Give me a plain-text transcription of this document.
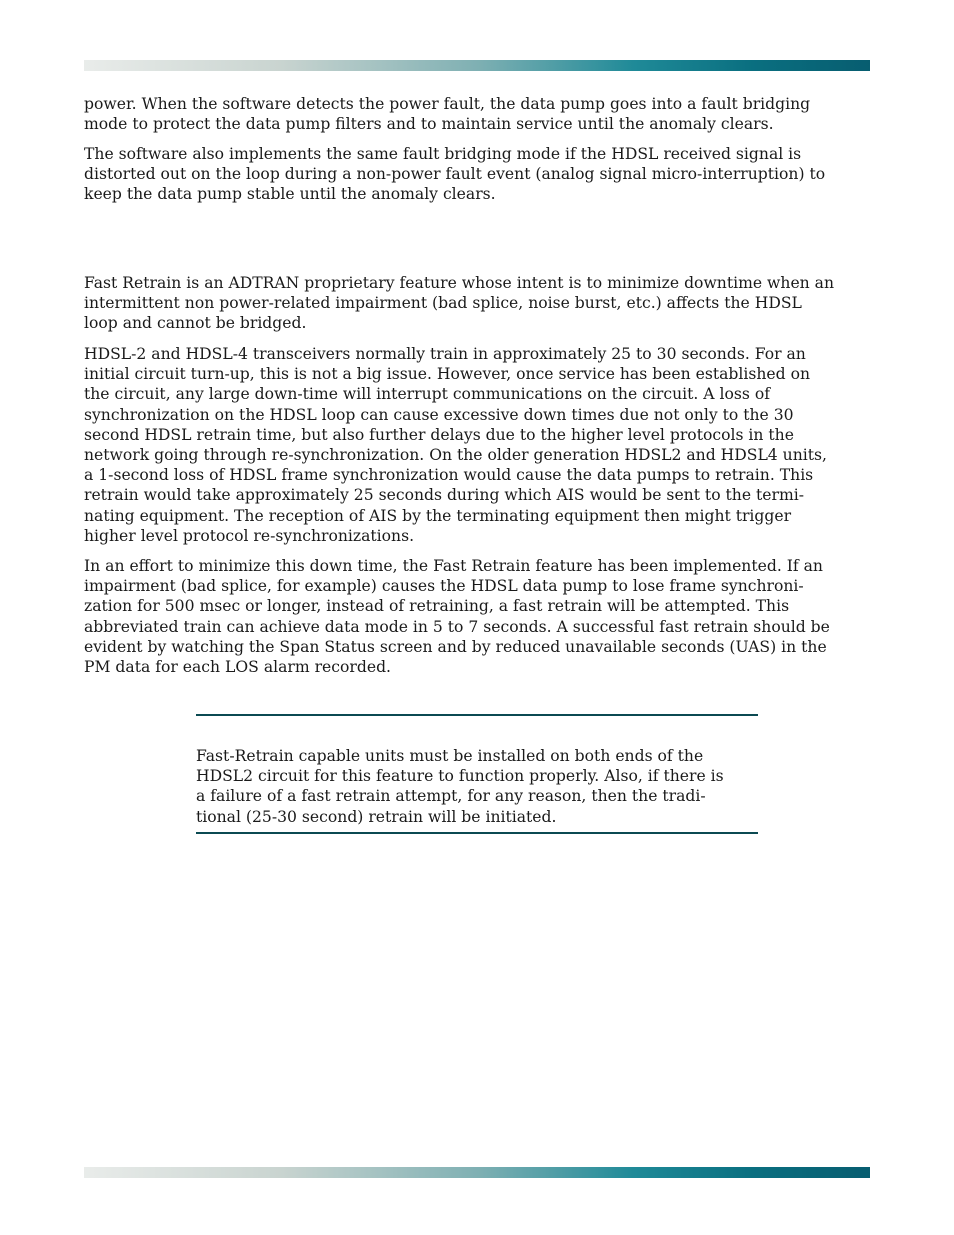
power. When the software detects the power fault, the data pump goes into a fault bridging
mode to protect the data pump filters and to maintain service until the anomaly clears.

The software also implements the same fault bridging mode if the HDSL received signal is
distorted out on the loop during a non-power fault event (analog signal micro-interruption) to
keep the data pump stable until the anomaly clears.

Fast Retrain is an ADTRAN proprietary feature whose intent is to minimize downtime when an
intermittent non power-related impairment (bad splice, noise burst, etc.) affects the HDSL
loop and cannot be bridged.

HDSL-2 and HDSL-4 transceivers normally train in approximately 25 to 30 seconds. For an
initial circuit turn-up, this is not a big issue. However, once service has been established on
the circuit, any large down-time will interrupt communications on the circuit. A loss of
synchronization on the HDSL loop can cause excessive down times due not only to the 30
second HDSL retrain time, but also further delays due to the higher level protocols in the
network going through re-synchronization. On the older generation HDSL2 and HDSL4 units,
a 1-second loss of HDSL frame synchronization would cause the data pumps to retrain. This
retrain would take approximately 25 seconds during which AIS would be sent to the termi-
nating equipment. The reception of AIS by the terminating equipment then might trigger
higher level protocol re-synchronizations.

In an effort to minimize this down time, the Fast Retrain feature has been implemented. If an
impairment (bad splice, for example) causes the HDSL data pump to lose frame synchroni-
zation for 500 msec or longer, instead of retraining, a fast retrain will be attempted. This
abbreviated train can achieve data mode in 5 to 7 seconds. A successful fast retrain should be
evident by watching the Span Status screen and by reduced unavailable seconds (UAS) in the
PM data for each LOS alarm recorded.

Fast-Retrain capable units must be installed on both ends of the
HDSL2 circuit for this feature to function properly. Also, if there is
a failure of a fast retrain attempt, for any reason, then the tradi-
tional (25-30 second) retrain will be initiated.
